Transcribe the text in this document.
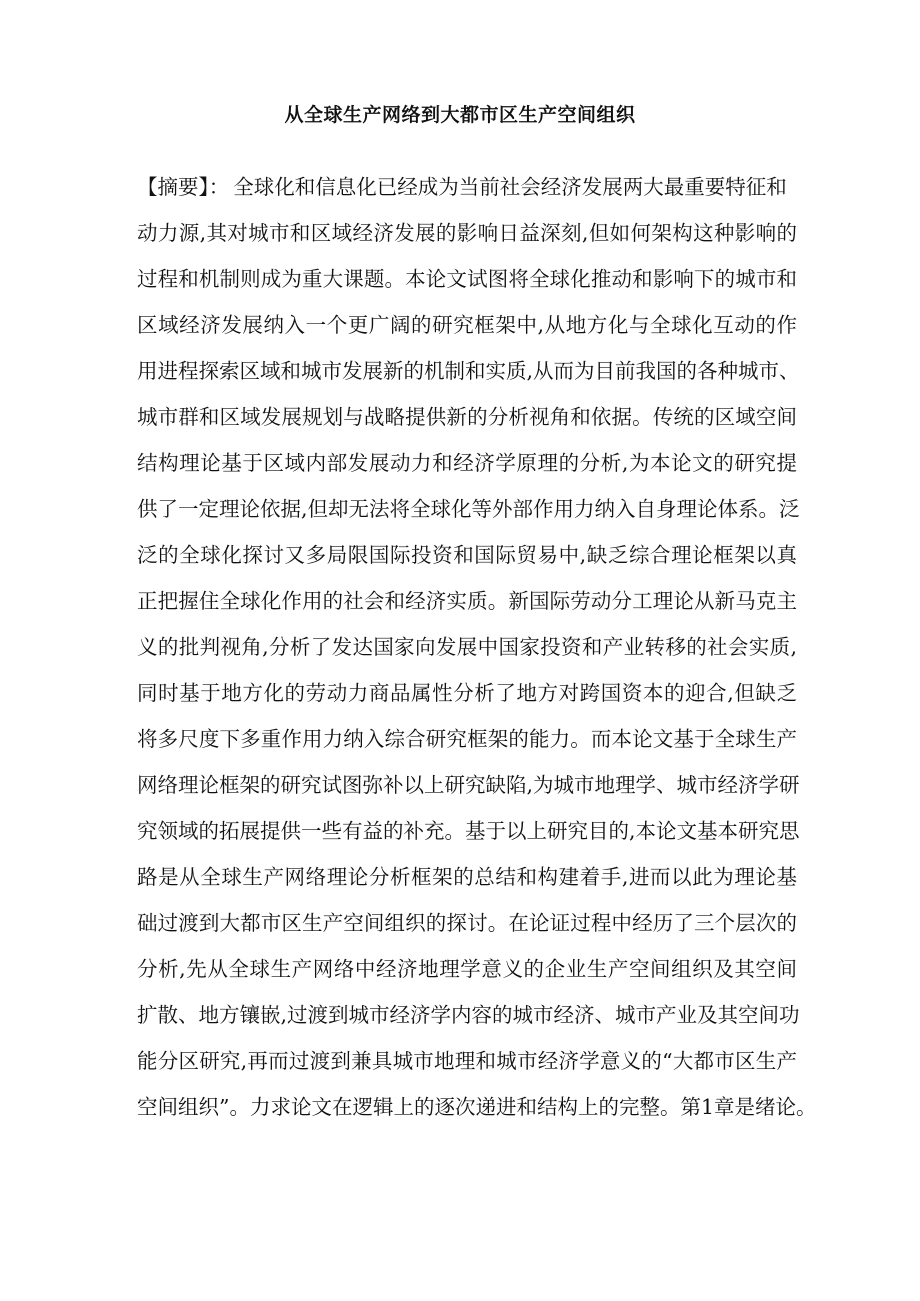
从全球生产网络到大都市区生产空间组织
【摘要】： 全球化和信息化已经成为当前社会经济发展两大最重要特征和
动力源,其对城市和区域经济发展的影响日益深刻,但如何架构这种影响的
过程和机制则成为重大课题。本论文试图将全球化推动和影响下的城市和
区域经济发展纳入一个更广阔的研究框架中,从地方化与全球化互动的作
用进程探索区域和城市发展新的机制和实质,从而为目前我国的各种城市、
城市群和区域发展规划与战略提供新的分析视角和依据。传统的区域空间
结构理论基于区域内部发展动力和经济学原理的分析,为本论文的研究提
供了一定理论依据,但却无法将全球化等外部作用力纳入自身理论体系。泛
泛的全球化探讨又多局限国际投资和国际贸易中,缺乏综合理论框架以真
正把握住全球化作用的社会和经济实质。新国际劳动分工理论从新马克主
义的批判视角,分析了发达国家向发展中国家投资和产业转移的社会实质,
同时基于地方化的劳动力商品属性分析了地方对跨国资本的迎合,但缺乏
将多尺度下多重作用力纳入综合研究框架的能力。而本论文基于全球生产
网络理论框架的研究试图弥补以上研究缺陷,为城市地理学、城市经济学研
究领域的拓展提供一些有益的补充。基于以上研究目的,本论文基本研究思
路是从全球生产网络理论分析框架的总结和构建着手,进而以此为理论基
础过渡到大都市区生产空间组织的探讨。在论证过程中经历了三个层次的
分析,先从全球生产网络中经济地理学意义的企业生产空间组织及其空间
扩散、地方镶嵌,过渡到城市经济学内容的城市经济、城市产业及其空间功
能分区研究,再而过渡到兼具城市地理和城市经济学意义的“大都市区生产
空间组织”。力求论文在逻辑上的逐次递进和结构上的完整。第1章是绪论。
